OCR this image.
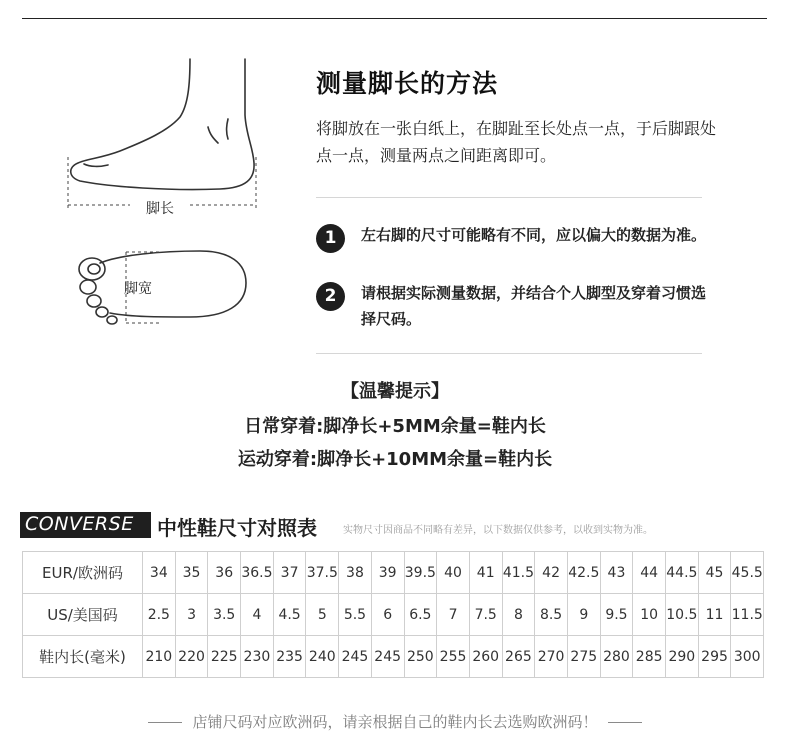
脚长
脚宽
测量脚长的方法
将脚放在一张白纸上，在脚趾至长处点一点，于后脚跟处点一点，测量两点之间距离即可。
1	左右脚的尺寸可能略有不同，应以偏大的数据为准。
2	请根据实际测量数据，并结合个人脚型及穿着习惯选择尺码。
【温馨提示】
日常穿着:脚净长+5MM余量=鞋内长
运动穿着:脚净长+10MM余量=鞋内长
CONVERSE 中性鞋尺寸对照表	实物尺寸因商品不同略有差异，以下数据仅供参考，以收到实物为准。
EUR/欧洲码	34	35	36	36.5	37	37.5	38	39	39.5	40	41	41.5	42	42.5	43	44	44.5	45	45.5
US/美国码	2.5	3	3.5	4	4.5	5	5.5	6	6.5	7	7.5	8	8.5	9	9.5	10	10.5	11	11.5
鞋内长(毫米)	210	220	225	230	235	240	245	245	250	255	260	265	270	275	280	285	290	295	300
店铺尺码对应欧洲码，请亲根据自己的鞋内长去选购欧洲码！
